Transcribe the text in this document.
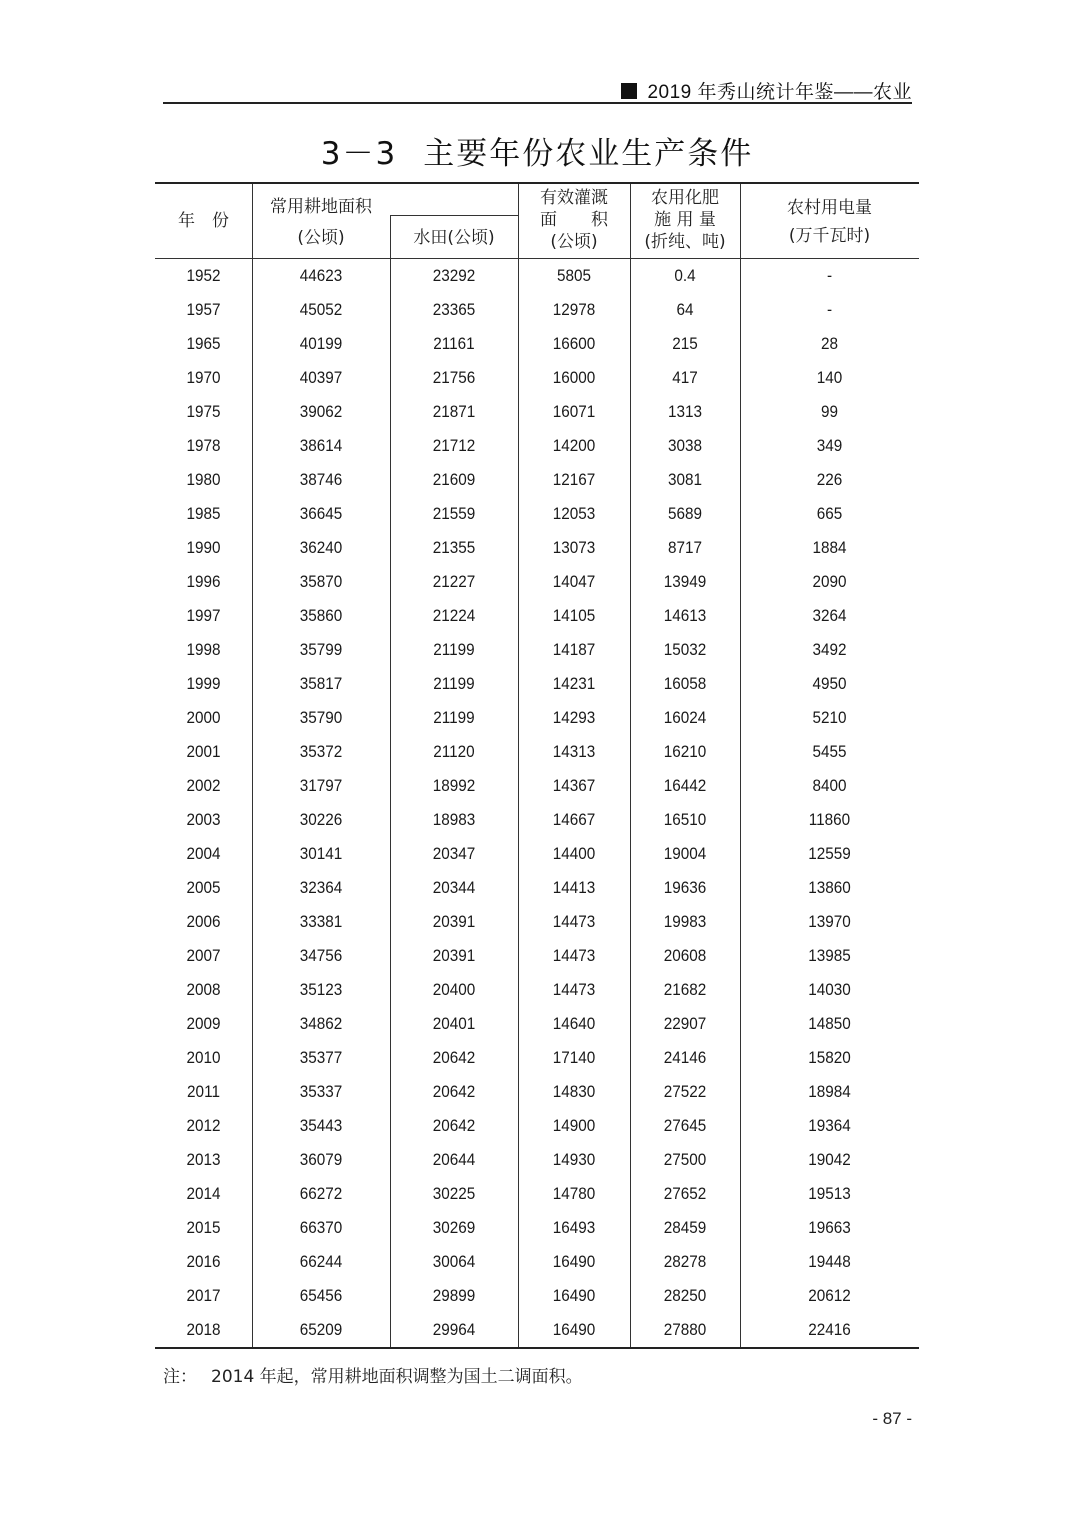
2019 年秀山统计年鉴——农业
3－3 主要年份农业生产条件
年　份
常用耕地面积
(公顷)	水田(公顷)
有效灌溉
面　　积
(公顷)
农用化肥
施 用 量
(折纯、吨)
农村用电量
(万千瓦时)
1952	44623	23292	5805	0.4	-
1957	45052	23365	12978	64	-
1965	40199	21161	16600	215	28
1970	40397	21756	16000	417	140
1975	39062	21871	16071	1313	99
1978	38614	21712	14200	3038	349
1980	38746	21609	12167	3081	226
1985	36645	21559	12053	5689	665
1990	36240	21355	13073	8717	1884
1996	35870	21227	14047	13949	2090
1997	35860	21224	14105	14613	3264
1998	35799	21199	14187	15032	3492
1999	35817	21199	14231	16058	4950
2000	35790	21199	14293	16024	5210
2001	35372	21120	14313	16210	5455
2002	31797	18992	14367	16442	8400
2003	30226	18983	14667	16510	11860
2004	30141	20347	14400	19004	12559
2005	32364	20344	14413	19636	13860
2006	33381	20391	14473	19983	13970
2007	34756	20391	14473	20608	13985
2008	35123	20400	14473	21682	14030
2009	34862	20401	14640	22907	14850
2010	35377	20642	17140	24146	15820
2011	35337	20642	14830	27522	18984
2012	35443	20642	14900	27645	19364
2013	36079	20644	14930	27500	19042
2014	66272	30225	14780	27652	19513
2015	66370	30269	16493	28459	19663
2016	66244	30064	16490	28278	19448
2017	65456	29899	16490	28250	20612
2018	65209	29964	16490	27880	22416
注： 2014 年起，常用耕地面积调整为国土二调面积。
- 87 -
